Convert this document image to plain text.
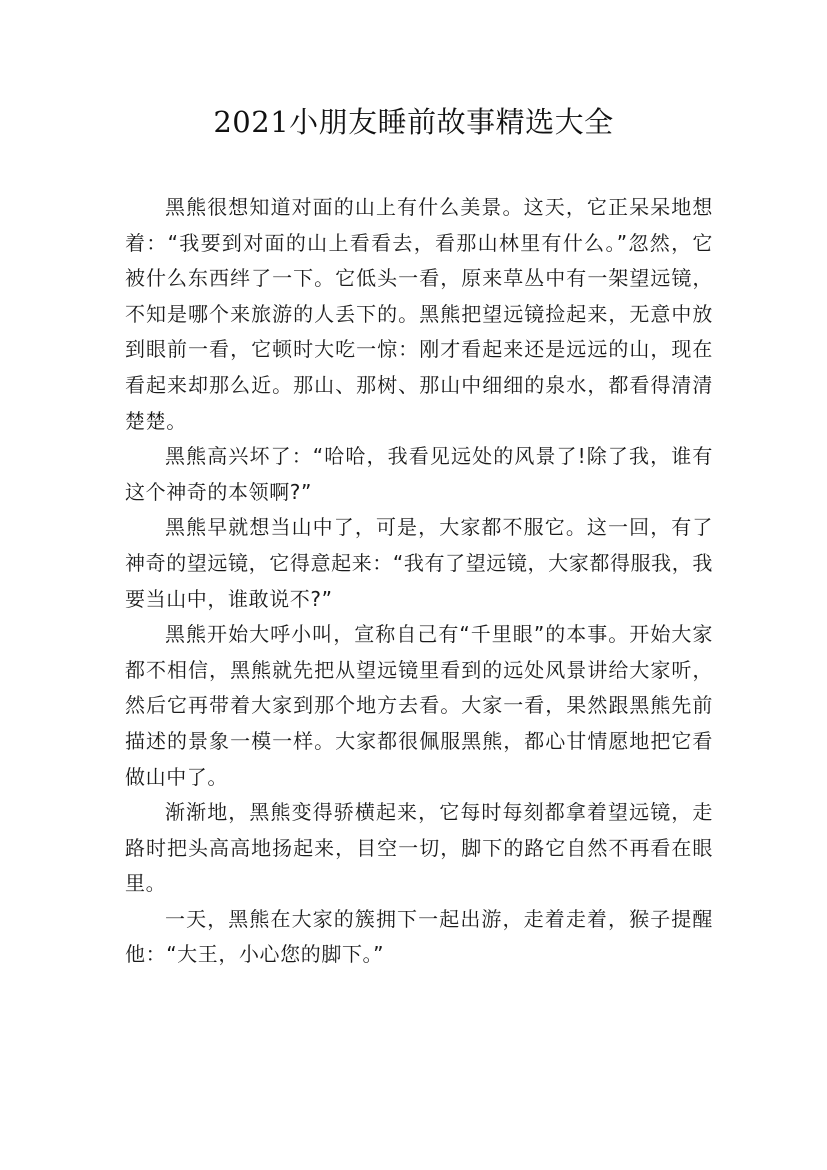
2021小朋友睡前故事精选大全

黑熊很想知道对面的山上有什么美景。这天，它正呆呆地想着：“我要到对面的山上看看去，看那山林里有什么。”忽然，它被什么东西绊了一下。它低头一看，原来草丛中有一架望远镜，不知是哪个来旅游的人丢下的。黑熊把望远镜捡起来，无意中放到眼前一看，它顿时大吃一惊：刚才看起来还是远远的山，现在看起来却那么近。那山、那树、那山中细细的泉水，都看得清清楚楚。

黑熊高兴坏了：“哈哈，我看见远处的风景了!除了我，谁有这个神奇的本领啊?”

黑熊早就想当山中了，可是，大家都不服它。这一回，有了神奇的望远镜，它得意起来：“我有了望远镜，大家都得服我，我要当山中，谁敢说不?”

黑熊开始大呼小叫，宣称自己有“千里眼”的本事。开始大家都不相信，黑熊就先把从望远镜里看到的远处风景讲给大家听，然后它再带着大家到那个地方去看。大家一看，果然跟黑熊先前描述的景象一模一样。大家都很佩服黑熊，都心甘情愿地把它看做山中了。

渐渐地，黑熊变得骄横起来，它每时每刻都拿着望远镜，走路时把头高高地扬起来，目空一切，脚下的路它自然不再看在眼里。

一天，黑熊在大家的簇拥下一起出游，走着走着，猴子提醒他：“大王，小心您的脚下。”
